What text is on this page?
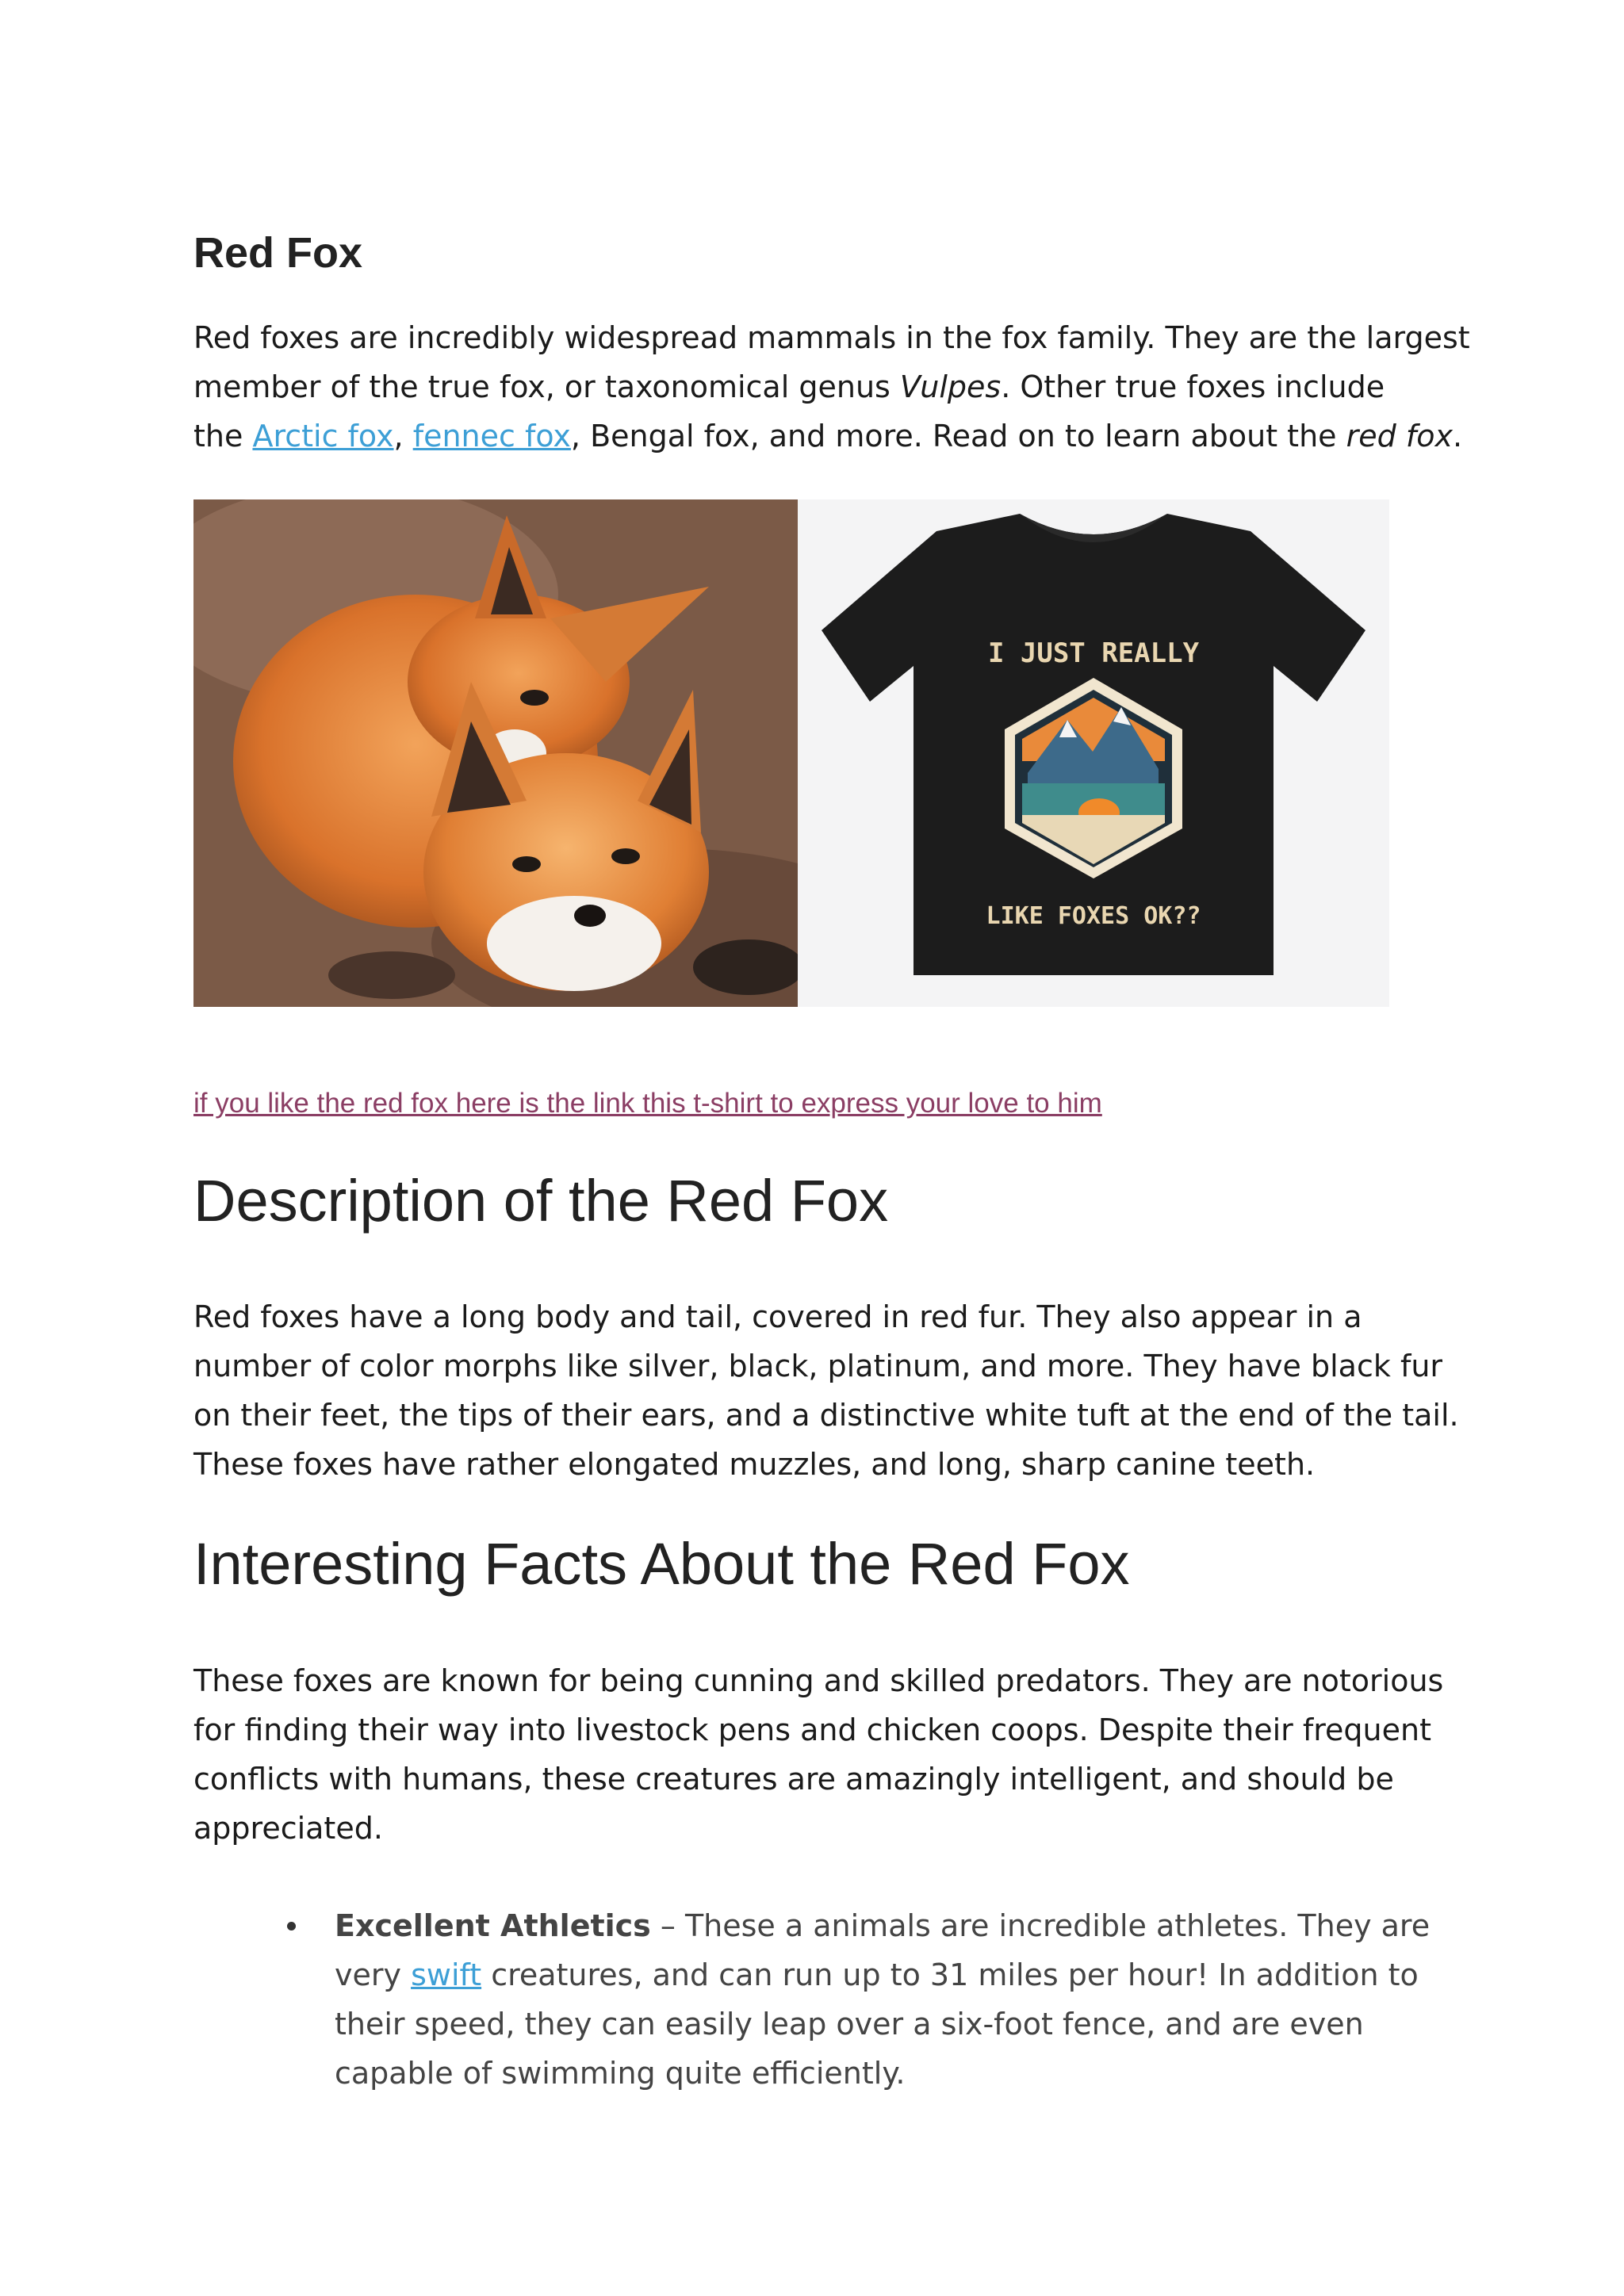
Red Fox

Red foxes are incredibly widespread mammals in the fox family. They are the largest
member of the true fox, or taxonomical genus Vulpes. Other true foxes include
the Arctic fox, fennec fox, Bengal fox, and more. Read on to learn about the red fox.

I JUST REALLY
LIKE FOXES OK??
if you like the red fox here is the link this t-shirt to express your love to him
Description of the Red Fox

Red foxes have a long body and tail, covered in red fur. They also appear in a
number of color morphs like silver, black, platinum, and more. They have black fur
on their feet, the tips of their ears, and a distinctive white tuft at the end of the tail.
These foxes have rather elongated muzzles, and long, sharp canine teeth.

Interesting Facts About the Red Fox

These foxes are known for being cunning and skilled predators. They are notorious
for finding their way into livestock pens and chicken coops. Despite their frequent
conflicts with humans, these creatures are amazingly intelligent, and should be
appreciated.

Excellent Athletics – These a animals are incredible athletes. They are
very swift creatures, and can run up to 31 miles per hour! In addition to
their speed, they can easily leap over a six-foot fence, and are even
capable of swimming quite efficiently.
